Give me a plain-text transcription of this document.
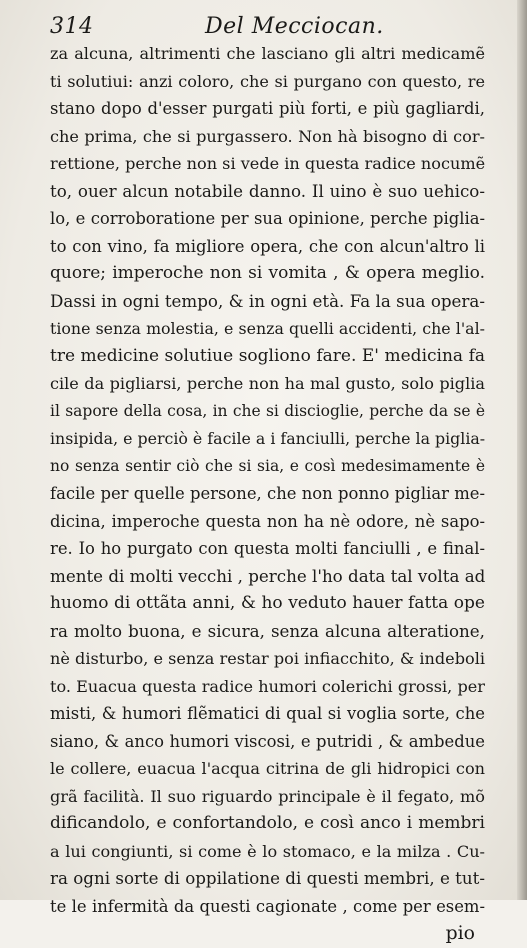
314	Del Mecciocan.
za alcuna, altrimenti che lasciano gli altri medicamẽ
ti solutiui: anzi coloro, che si purgano con questo, re
stano dopo d'esser purgati più forti, e più gagliardi,
che prima, che si purgassero. Non hà bisogno di cor-
rettione, perche non si vede in questa radice nocumẽ
to, ouer alcun notabile danno. Il uino è suo uehico-
lo, e corroboratione per sua opinione, perche piglia-
to con vino, fa migliore opera, che con alcun'altro li
quore; imperoche non si vomita , & opera meglio.
Dassi in ogni tempo, & in ogni età. Fa la sua opera-
tione senza molestia, e senza quelli accidenti, che l'al-
tre medicine solutiue sogliono fare. E' medicina fa
cile da pigliarsi, perche non ha mal gusto, solo piglia
il sapore della cosa, in che si discioglie, perche da se è
insipida, e perciò è facile a i fanciulli, perche la piglia-
no senza sentir ciò che si sia, e così medesimamente è
facile per quelle persone, che non ponno pigliar me-
dicina, imperoche questa non ha nè odore, nè sapo-
re. Io ho purgato con questa molti fanciulli , e final-
mente di molti vecchi , perche l'ho data tal volta ad
huomo di ottãta anni, & ho veduto hauer fatta ope
ra molto buona, e sicura, senza alcuna alteratione,
nè disturbo, e senza restar poi infiacchito, & indeboli
to. Euacua questa radice humori colerichi grossi, per
misti, & humori flẽmatici di qual si voglia sorte, che
siano, & anco humori viscosi, e putridi , & ambedue
le collere, euacua l'acqua citrina de gli hidropici con
grã facilità. Il suo riguardo principale è il fegato, mõ
dificandolo, e confortandolo, e così anco i membri
a lui congiunti, si come è lo stomaco, e la milza . Cu-
ra ogni sorte di oppilatione di questi membri, e tut-
te le infermità da questi cagionate , come per esem-
pio
